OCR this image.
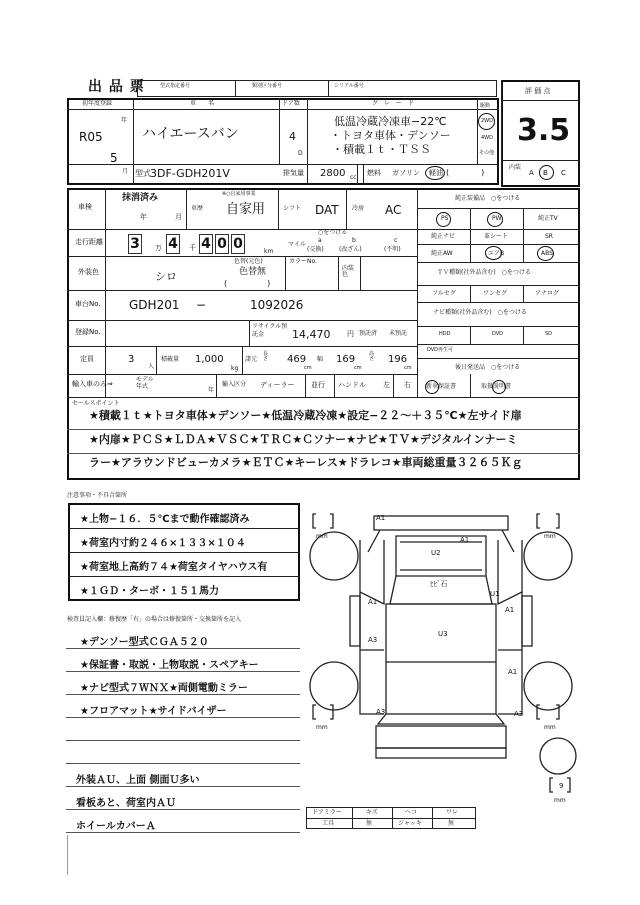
出 品 票	型式指定番号	類別区分番号	シリアル番号
評 価 点
3.5
初年度登録	車　　名	ドア数	グ　レ　ー　ド
年
R05
5
月
ハイエースバン	4
D
低温冷蔵冷凍車−22℃
・トヨタ車体・デンソー
・積載１ｔ・ＴＳＳ
駆動
2WD
4WD
その他
型式 3DF-GDH201V	排気量 2800 cc
燃料 ガソリン 軽油 (　　　　)
内装
A B C
車検
抹消済み
年	月
※○自家用事業
車歴 自家用	シフト DAT 冷房 AC
走行距離 3	万 4	千 4 0 0	km
○をつける
マイル
a	b	c
(交換)	(改ざん)	(不明)
外装色	シロ
色替(元色)
色替無
(　　　　　)
カラーNo.
内装色
車台No. GDH201 −	1092026
登録No.
リサイクル預託金	14,470 円 預託済 未預託
定員	3
人
積載量 1,000
kg
諸元
長さ 469
cm
幅 169
cm
高さ 196
cm
輸入車のみ⇒
モデル年式
年
輸入区分 ディーラー 並行 ハンドル 左 右
純正装備品　○をつける
PS	PW	純正TV
純正ナビ	革シート	SR
純正AW	エアB	ABS
ＴＶ種類(社外品含む)　○をつける
フルセグ	ワンセグ	アナログ
ナビ種類(社外品含む)　○をつける
HDD	DVD	SD
DVD再生可
後日発送品　○をつける
新車保証書	取扱説明書
セールスポイント
★積載１ｔ★トヨタ車体★デンソー★低温冷蔵冷凍★設定−２２〜＋３５℃★左サイド扉
★内扉★ＰＣＳ★ＬＤＡ★ＶＳＣ★ＴＲＣ★Ｃソナー★ナビ★ＴＶ★デジタルインナーミ
ラー★アラウンドビューカメラ★ＥＴＣ★キーレス★ドラレコ★車両総重量３２６５Ｋｇ
注意事項・不具合箇所
★上物−１６．５℃まで動作確認済み
★荷室内寸約２４６×１３３×１０４
★荷室地上高約７４★荷室タイヤハウス有
★１ＧＤ・ターボ・１５１馬力
検査員記入欄：修復歴「有」の場合は修復箇所・交換箇所を記入
★デンソー型式ＣＧＡ５２０
★保証書・取説・上物取説・スペアキー
★ナビ型式７ＷＮＸ★両側電動ミラー
★フロアマット★サイドバイザー
外装ＡＵ、上面 側面Ｕ多い
看板あと、荷室内ＡＵ
ホイールカバーＡ
A1
U2
A1
ﾋﾋﾞ石
U1
A1
A1
A3
U3
A1
A3	A3
mm	mm
mm	mm
mm
9
ドアミラー	キズ	ヘコ	ワレ
工具	無	ジャッキ	無
